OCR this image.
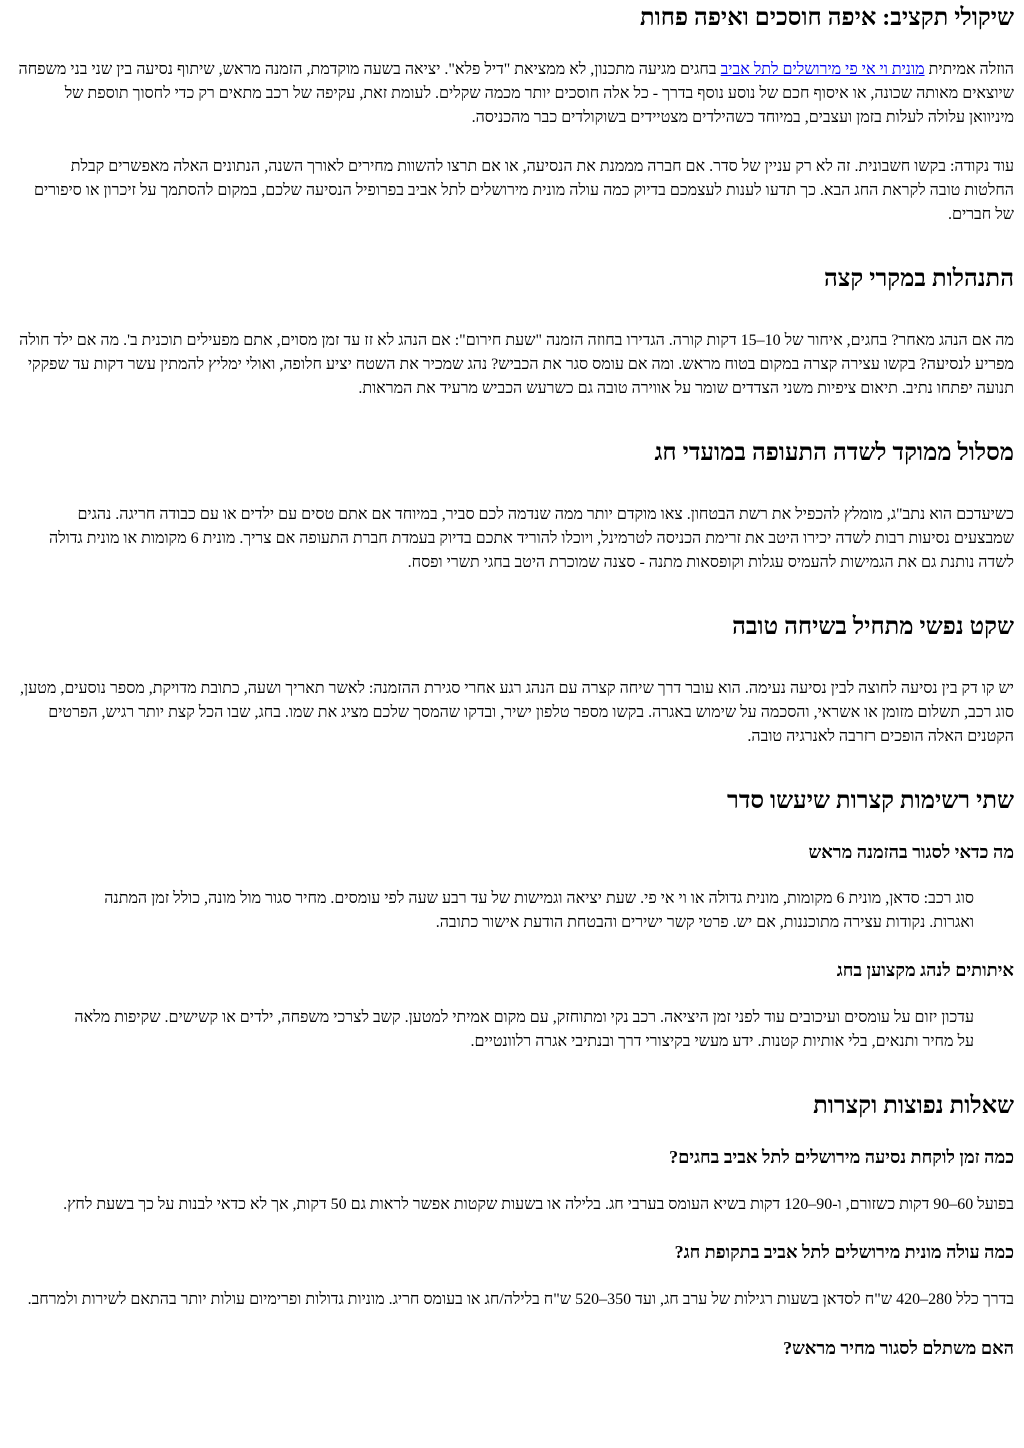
שיקולי תקציב: איפה חוסכים ואיפה פחות

הוזלה אמיתית מונית וי אי פי מירושלים לתל אביב בחגים מגיעה מתכנון, לא ממציאת "דיל פלא". יציאה בשעה מוקדמת, הזמנה מראש, שיתוף נסיעה בין שני בני משפחה שיוצאים מאותה שכונה, או איסוף חכם של נוסע נוסף בדרך - כל אלה חוסכים יותר מכמה שקלים. לעומת זאת, עקיפה של רכב מתאים רק כדי לחסוך תוספת של מיניוואן עלולה לעלות בזמן ועצבים, במיוחד כשהילדים מצטיידים בשוקולדים כבר מהכניסה.

עוד נקודה: בקשו חשבונית. זה לא רק עניין של סדר. אם חברה מממנת את הנסיעה, או אם תרצו להשוות מחירים לאורך השנה, הנתונים האלה מאפשרים קבלת החלטות טובה לקראת החג הבא. כך תדעו לענות לעצמכם בדיוק כמה עולה מונית מירושלים לתל אביב בפרופיל הנסיעה שלכם, במקום להסתמך על זיכרון או סיפורים של חברים.

התנהלות במקרי קצה

מה אם הנהג מאחר? בחגים, איחור של 10–15 דקות קורה. הגדירו בחוזה הזמנה "שעת חירום": אם הנהג לא זז עד זמן מסוים, אתם מפעילים תוכנית ב'. מה אם ילד חולה מפריע לנסיעה? בקשו עצירה קצרה במקום בטוח מראש. ומה אם עומס סגר את הכביש? נהג שמכיר את השטח יציע חלופה, ואולי ימליץ להמתין עשר דקות עד שפקקי תנועה יפתחו נתיב. תיאום ציפיות משני הצדדים שומר על אווירה טובה גם כשרעש הכביש מרעיד את המראות.

מסלול ממוקד לשדה התעופה במועדי חג

כשיעדכם הוא נתב"ג, מומלץ להכפיל את רשת הבטחון. צאו מוקדם יותר ממה שנדמה לכם סביר, במיוחד אם אתם טסים עם ילדים או עם כבודה חריגה. נהגים שמבצעים נסיעות רבות לשדה יכירו היטב את זרימת הכניסה לטרמינל, ויוכלו להוריד אתכם בדיוק בעמדת חברת התעופה אם צריך. מונית 6 מקומות או מונית גדולה לשדה נותנת גם את הגמישות להעמיס עגלות וקופסאות מתנה - סצנה שמוכרת היטב בחגי תשרי ופסח.

שקט נפשי מתחיל בשיחה טובה

יש קו דק בין נסיעה לחוצה לבין נסיעה נעימה. הוא עובר דרך שיחה קצרה עם הנהג רגע אחרי סגירת ההזמנה: לאשר תאריך ושעה, כתובת מדויקת, מספר נוסעים, מטען, סוג רכב, תשלום מזומן או אשראי, והסכמה על שימוש באגרה. בקשו מספר טלפון ישיר, ובדקו שהמסך שלכם מציג את שמו. בחג, שבו הכל קצת יותר רגיש, הפרטים הקטנים האלה הופכים רזרבה לאנרגיה טובה.

שתי רשימות קצרות שיעשו סדר
מה כדאי לסגור בהזמנה מראש

סוג רכב: סדאן, מונית 6 מקומות, מונית גדולה או וי אי פי. שעת יציאה וגמישות של עד רבע שעה לפי עומסים. מחיר סגור מול מונה, כולל זמן המתנה ואגרות. נקודות עצירה מתוכננות, אם יש. פרטי קשר ישירים והבטחת הודעת אישור כתובה.

איתותים לנהג מקצוען בחג

עדכון יזום על עומסים ועיכובים עוד לפני זמן היציאה. רכב נקי ומתוחזק, עם מקום אמיתי למטען. קשב לצרכי משפחה, ילדים או קשישים. שקיפות מלאה על מחיר ותנאים, בלי אותיות קטנות. ידע מעשי בקיצורי דרך ובנתיבי אגרה רלוונטיים.

שאלות נפוצות וקצרות
כמה זמן לוקחת נסיעה מירושלים לתל אביב בחגים?

בפועל 60–90 דקות כשזורם, ו-90–120 דקות בשיא העומס בערבי חג. בלילה או בשעות שקטות אפשר לראות גם 50 דקות, אך לא כדאי לבנות על כך בשעת לחץ.

כמה עולה מונית מירושלים לתל אביב בתקופת חג?

בדרך כלל 280–420 ש"ח לסדאן בשעות רגילות של ערב חג, ועד 350–520 ש"ח בלילה/חג או בעומס חריג. מוניות גדולות ופרימיום עולות יותר בהתאם לשירות ולמרחב.

האם משתלם לסגור מחיר מראש?
